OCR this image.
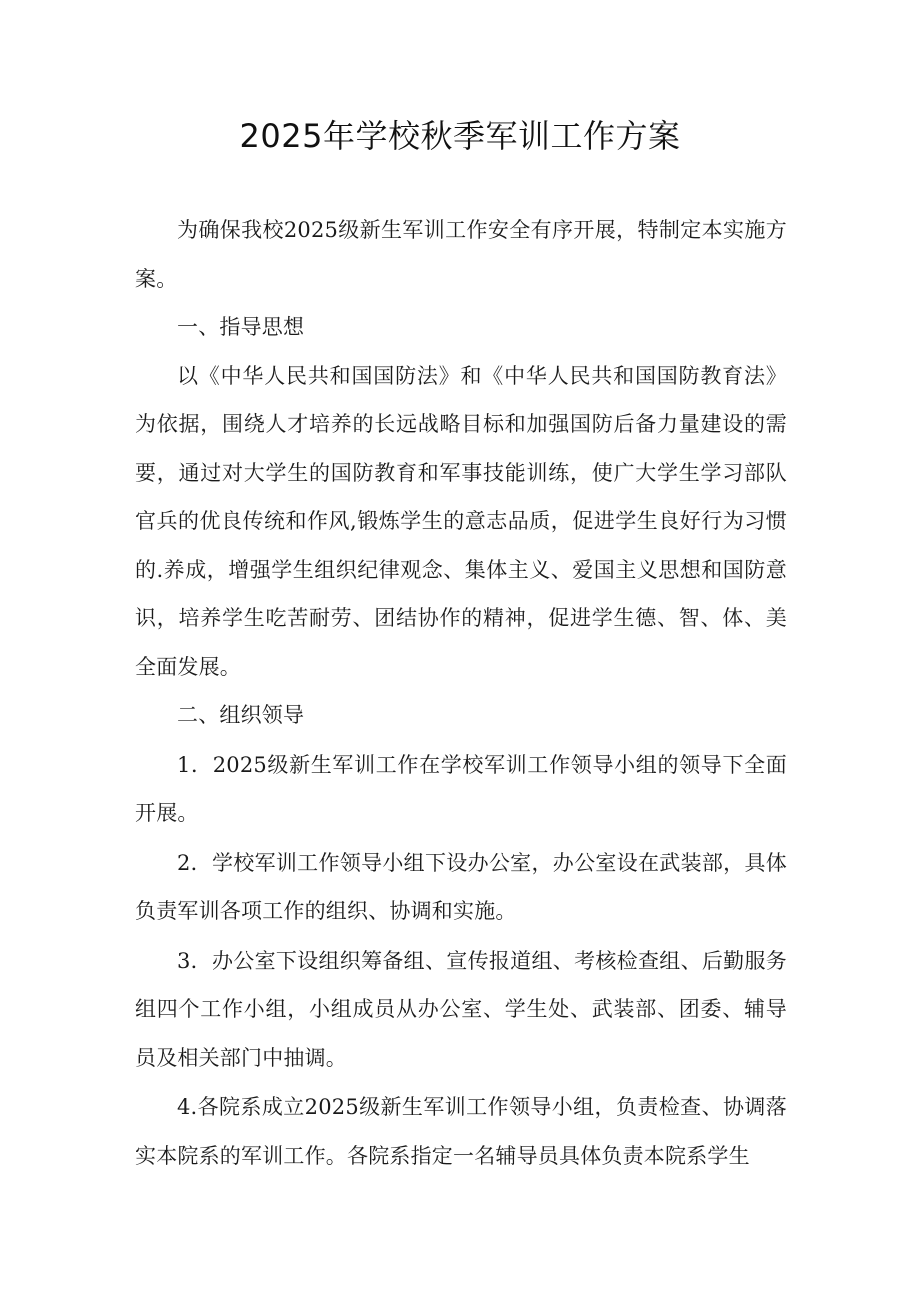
2025年学校秋季军训工作方案

为确保我校2025级新生军训工作安全有序开展，特制定本实施方案。

一、指导思想

以《中华人民共和国国防法》和《中华人民共和国国防教育法》为依据，围绕人才培养的长远战略目标和加强国防后备力量建设的需要，通过对大学生的国防教育和军事技能训练，使广大学生学习部队官兵的优良传统和作风,锻炼学生的意志品质，促进学生良好行为习惯的.养成，增强学生组织纪律观念、集体主义、爱国主义思想和国防意识，培养学生吃苦耐劳、团结协作的精神，促进学生德、智、体、美全面发展。

二、组织领导

1．2025级新生军训工作在学校军训工作领导小组的领导下全面开展。

2．学校军训工作领导小组下设办公室，办公室设在武装部，具体负责军训各项工作的组织、协调和实施。

3．办公室下设组织筹备组、宣传报道组、考核检查组、后勤服务组四个工作小组，小组成员从办公室、学生处、武装部、团委、辅导员及相关部门中抽调。

4.各院系成立2025级新生军训工作领导小组，负责检查、协调落实本院系的军训工作。各院系指定一名辅导员具体负责本院系学生
